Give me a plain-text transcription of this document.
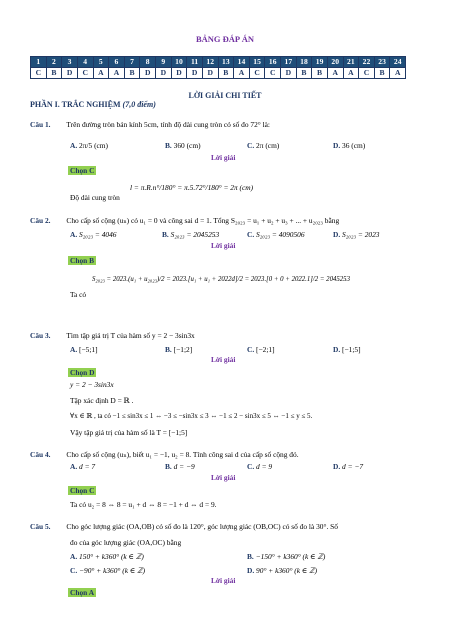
BẢNG ĐÁP ÁN
1	2	3	4	5	6	7	8	9	10	11	12	13	14	15	16	17	18	19	20	21	22	23	24
C	B	D	C	A	A	B	D	D	D	D	D	B	A	C	C	D	B	B	A	A	C	B	A
LỜI GIẢI CHI TIẾT
PHẦN I. TRẮC NGHIỆM (7,0 điểm)
Câu 1. Trên đường tròn bán kính 5cm, tính độ dài cung tròn có số đo 72° là:
A. 2π/5 (cm)	B. 360 (cm)	C. 2π (cm)	D. 36 (cm)
Lời giải
Chọn C
Độ dài cung tròn
l = π.R.n°/180° = π.5.72°/180° = 2π (cm)
Câu 2. Cho cấp số cộng (uₙ) có u₁ = 0 và công sai d = 1. Tổng S₂₀₂₃ = u₁ + u₂ + u₃ + ... + u₂₀₂₃ bằng
A. S₂₀₂₃ = 4046	B. S₂₀₂₃ = 2045253	C. S₂₀₂₃ = 4090506	D. S₂₀₂₃ = 2023
Lời giải
Chọn B
Ta có
S₂₀₂₃ = 2023.(u₁ + u₂₀₂₃)/2 = 2023.[u₁ + u₁ + 2022d]/2 = 2023.[0 + 0 + 2022.1]/2 = 2045253
Câu 3. Tìm tập giá trị T của hàm số y = 2 − 3sin3x
A. [−5;1]	B. [−1;2]	C. [−2;1]	D. [−1;5]
Lời giải
Chọn D
y = 2 − 3sin3x
Tập xác định D = ℝ .
∀x ∈ ℝ , ta có −1 ≤ sin3x ≤ 1 ⇔ −3 ≤ −sin3x ≤ 3 ⇔ −1 ≤ 2 − sin3x ≤ 5 ⇔ −1 ≤ y ≤ 5.
Vậy tập giá trị của hàm số là T = [−1;5]
Câu 4. Cho cấp số cộng (uₙ), biết u₁ = −1, u₂ = 8. Tính công sai d của cấp số cộng đó.
A. d = 7	B. d = −9	C. d = 9	D. d = −7
Lời giải
Chọn C
Ta có u₂ = 8 ⇔ 8 = u₁ + d ⇔ 8 = −1 + d ⇔ d = 9.
Câu 5. Cho góc lượng giác (OA,OB) có số đo là 120°, góc lượng giác (OB,OC) có số đo là 30°. Số
đo của góc lượng giác (OA,OC) bằng
A. 150° + k360° (k ∈ ℤ)	B. −150° + k360° (k ∈ ℤ)
C. −90° + k360° (k ∈ ℤ)	D. 90° + k360° (k ∈ ℤ)
Lời giải
Chọn A
